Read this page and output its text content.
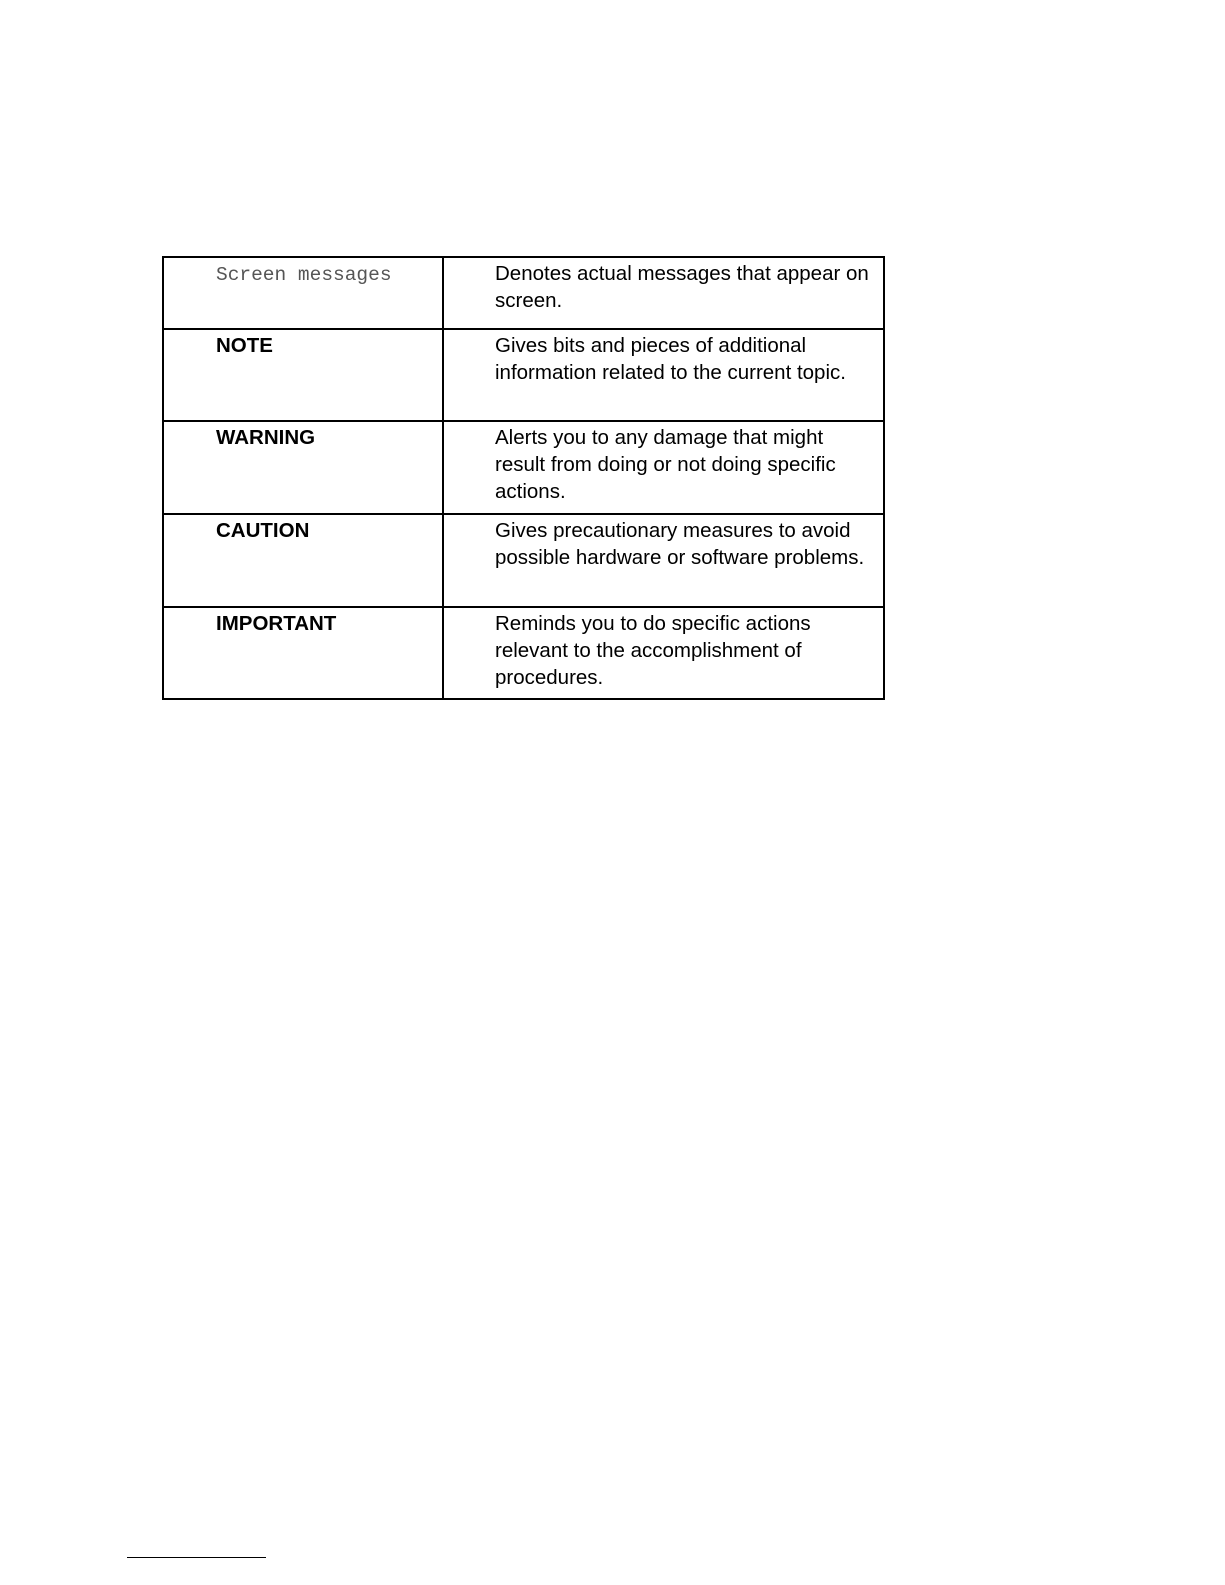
Screen messages	Denotes actual messages that appear on screen.
NOTE	Gives bits and pieces of additional information related to the current topic.
WARNING	Alerts you to any damage that might result from doing or not doing specific actions.
CAUTION	Gives precautionary measures to avoid possible hardware or software problems.
IMPORTANT	Reminds you to do specific actions relevant to the accomplishment of procedures.
